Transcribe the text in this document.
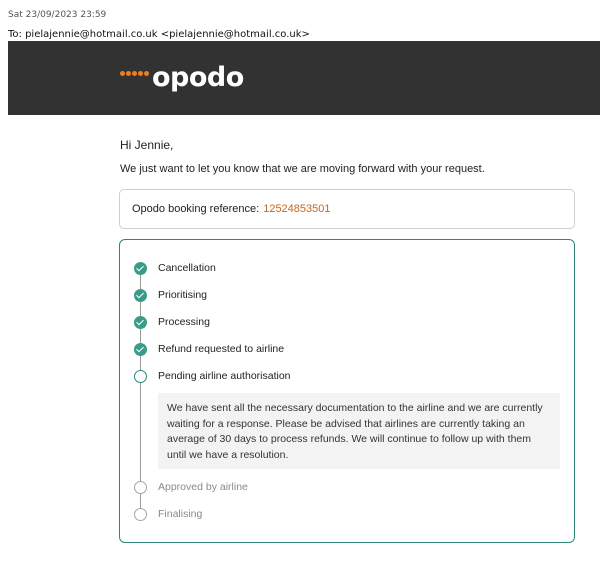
Sat 23/09/2023 23:59
To: pielajennie@hotmail.co.uk <pielajennie@hotmail.co.uk>
opodo
Hi Jennie,
We just want to let you know that we are moving forward with your request.
Opodo booking reference: 12524853501
Cancellation
Prioritising
Processing
Refund requested to airline
Pending airline authorisation
We have sent all the necessary documentation to the airline and we are currently waiting for a response. Please be advised that airlines are currently taking an average of 30 days to process refunds. We will continue to follow up with them until we have a resolution.
Approved by airline
Finalising
